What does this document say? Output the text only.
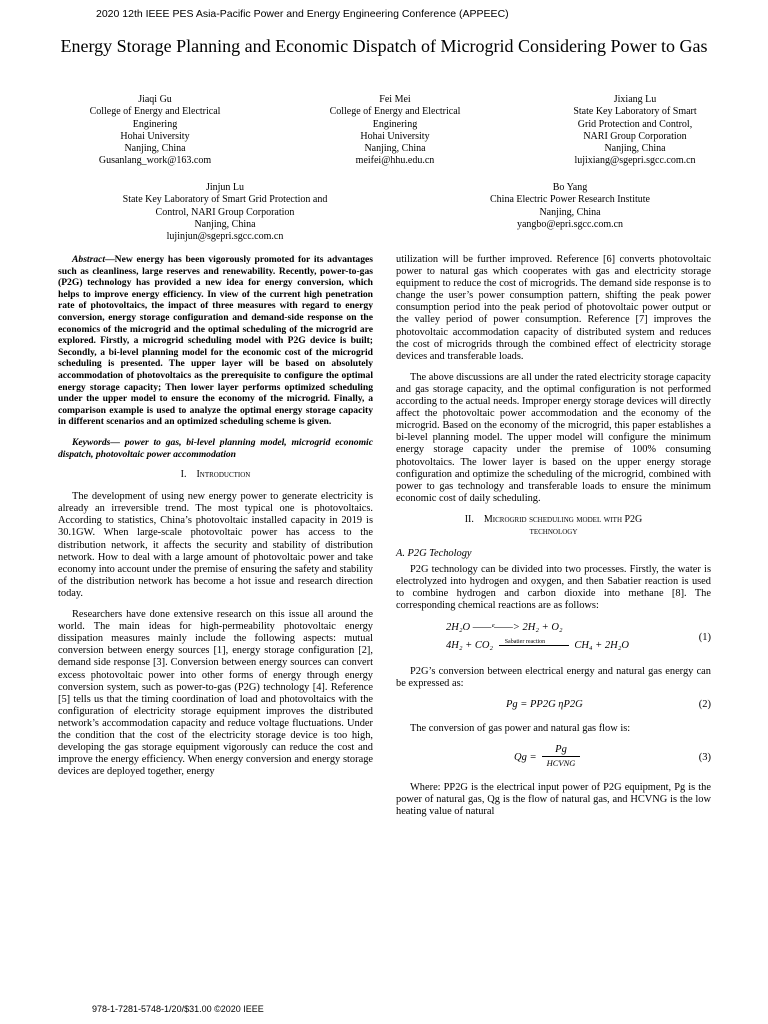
2020 12th IEEE PES Asia-Pacific Power and Energy Engineering Conference (APPEEC)
Energy Storage Planning and Economic Dispatch of Microgrid Considering Power to Gas
Jiaqi Gu
College of Energy and Electrical
Enginering
Hohai University
Nanjing, China
Gusanlang_work@163.com
Fei Mei
College of Energy and Electrical
Enginering
Hohai University
Nanjing, China
meifei@hhu.edu.cn
Jixiang Lu
State Key Laboratory of Smart
Grid Protection and Control,
NARI Group Corporation
Nanjing, China
lujixiang@sgepri.sgcc.com.cn
Jinjun Lu
State Key Laboratory of Smart Grid Protection and
Control, NARI Group Corporation
Nanjing, China
lujinjun@sgepri.sgcc.com.cn
Bo Yang
China Electric Power Research Institute
Nanjing, China
yangbo@epri.sgcc.com.cn

Abstract—New energy has been vigorously promoted for its advantages such as cleanliness, large reserves and renewability. Recently, power-to-gas (P2G) technology has provided a new idea for energy conversion, which helps to improve energy efficiency. In view of the current high penetration rate of photovoltaics, the impact of three measures with regard to energy conversion, energy storage configuration and demand-side response on the economics of the microgrid and the optimal scheduling of the microgrid are explored. Firstly, a microgrid scheduling model with P2G device is built; Secondly, a bi-level planning model for the economic cost of the microgrid scheduling is presented. The upper layer will be based on absolutely accommodation of photovoltaics as the prerequisite to configure the optimal energy storage capacity; Then lower layer performs optimized scheduling under the upper model to ensure the economy of the microgrid. Finally, a comparison example is used to analyze the optimal energy storage capacity in different scenarios and an optimized scheduling scheme is given.

Keywords— power to gas, bi-level planning model, microgrid economic dispatch, photovoltaic power accommodation

I. Introduction

The development of using new energy power to generate electricity is already an irreversible trend. The most typical one is photovoltaics. According to statistics, China’s photovoltaic installed capacity in 2019 is 30.1GW. When large-scale photovoltaic power has access to the distribution network, it affects the security and stability of distribution network. How to deal with a large amount of photovoltaic power and take economy into account under the premise of ensuring the safety and stability of the distribution network has become a hot issue and research direction today.

Researchers have done extensive research on this issue all around the world. The main ideas for high-permeability photovoltaic energy dissipation measures mainly include the following aspects: mutual conversion between energy sources [1], energy storage configuration [2], demand side response [3]. Conversion between energy sources can convert excess photovoltaic power into other forms of energy through energy conversion system, such as power-to-gas (P2G) technology [4]. Reference [5] tells us that the timing coordination of load and photovoltaics with the configuration of electricity storage equipment improves the distributed network’s accommodation capacity and reduce voltage fluctuations. Under the condition that the cost of the electricity storage device is too high, developing the gas storage equipment vigorously can reduce the cost and improve the energy efficiency. When energy conversion and energy storage devices are deployed together, energy

utilization will be further improved. Reference [6] converts photovoltaic power to natural gas which cooperates with gas and electricity storage equipment to reduce the cost of microgrids. The demand side response is to change the user’s power consumption pattern, shifting the peak power consumption period into the peak period of photovoltaic power output or the valley period of power consumption. Reference [7] improves the photovoltaic accommodation capacity of distributed system and reduces the cost of microgrids through the combined effect of electricity storage devices and transferable loads.

The above discussions are all under the rated electricity storage capacity and gas storage capacity, and the optimal configuration is not performed according to the actual needs. Improper energy storage devices will directly affect the photovoltaic power accommodation and the economy of the microgrid. Based on the economy of the microgrid, this paper establishes a bi-level planning model. The upper model will configure the minimum energy storage capacity under the premise of 100% consuming photovoltaics. The lower layer is based on the upper energy storage configuration and optimize the scheduling of the microgrid, combined with power to gas technology and transferable loads to ensure the minimum economic cost of daily scheduling.

II. Microgrid scheduling model with P2G
technology
A. P2G Techology

P2G technology can be divided into two processes. Firstly, the water is electrolyzed into hydrogen and oxygen, and then Sabatier reaction is used to combine hydrogen and carbon dioxide into methane [8]. The corresponding chemical reactions are as follows:

2H₂O ——ᵉ——> 2H₂ + O₂
4H₂ + CO₂ Sabatier reaction	CH₄ + 2H₂O
(1)

P2G’s conversion between electrical energy and natural gas energy can be expressed as:

Pg = PP2G ηP2G	(2)

The conversion of gas power and natural gas flow is:

Qg =
Pg
HCVNG
(3)

Where: PP2G is the electrical input power of P2G equipment, Pg is the power of natural gas, Qg is the flow of natural gas, and HCVNG is the low heating value of natural

978-1-7281-5748-1/20/$31.00 ©2020 IEEE
